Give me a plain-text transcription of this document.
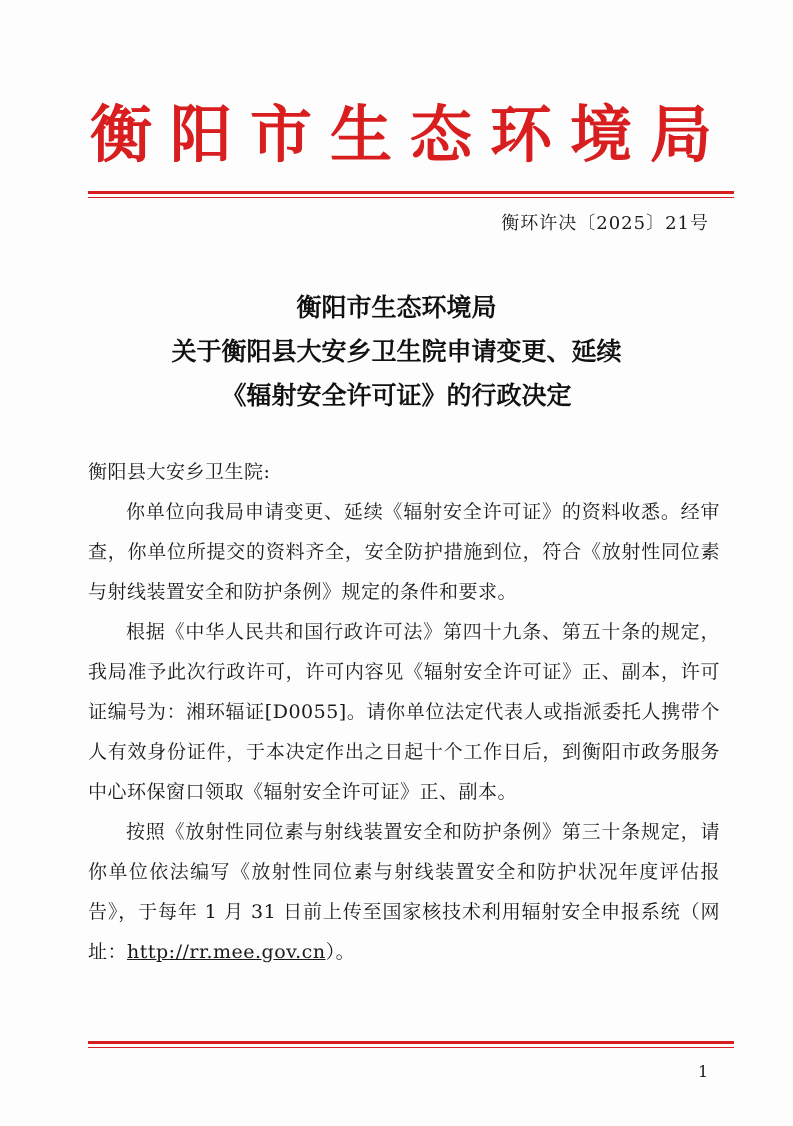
衡阳市生态环境局
衡环许决〔2025〕21号
衡阳市生态环境局
关于衡阳县大安乡卫生院申请变更、延续
《辐射安全许可证》的行政决定
衡阳县大安乡卫生院:

你单位向我局申请变更、延续《辐射安全许可证》的资料收悉。经审查，你单位所提交的资料齐全，安全防护措施到位，符合《放射性同位素与射线装置安全和防护条例》规定的条件和要求。

根据《中华人民共和国行政许可法》第四十九条、第五十条的规定，我局准予此次行政许可，许可内容见《辐射安全许可证》正、副本，许可证编号为：湘环辐证[D0055]。请你单位法定代表人或指派委托人携带个人有效身份证件，于本决定作出之日起十个工作日后，到衡阳市政务服务中心环保窗口领取《辐射安全许可证》正、副本。

按照《放射性同位素与射线装置安全和防护条例》第三十条规定，请你单位依法编写《放射性同位素与射线装置安全和防护状况年度评估报告》，于每年 1 月 31 日前上传至国家核技术利用辐射安全申报系统（网址：http://rr.mee.gov.cn）。

1
